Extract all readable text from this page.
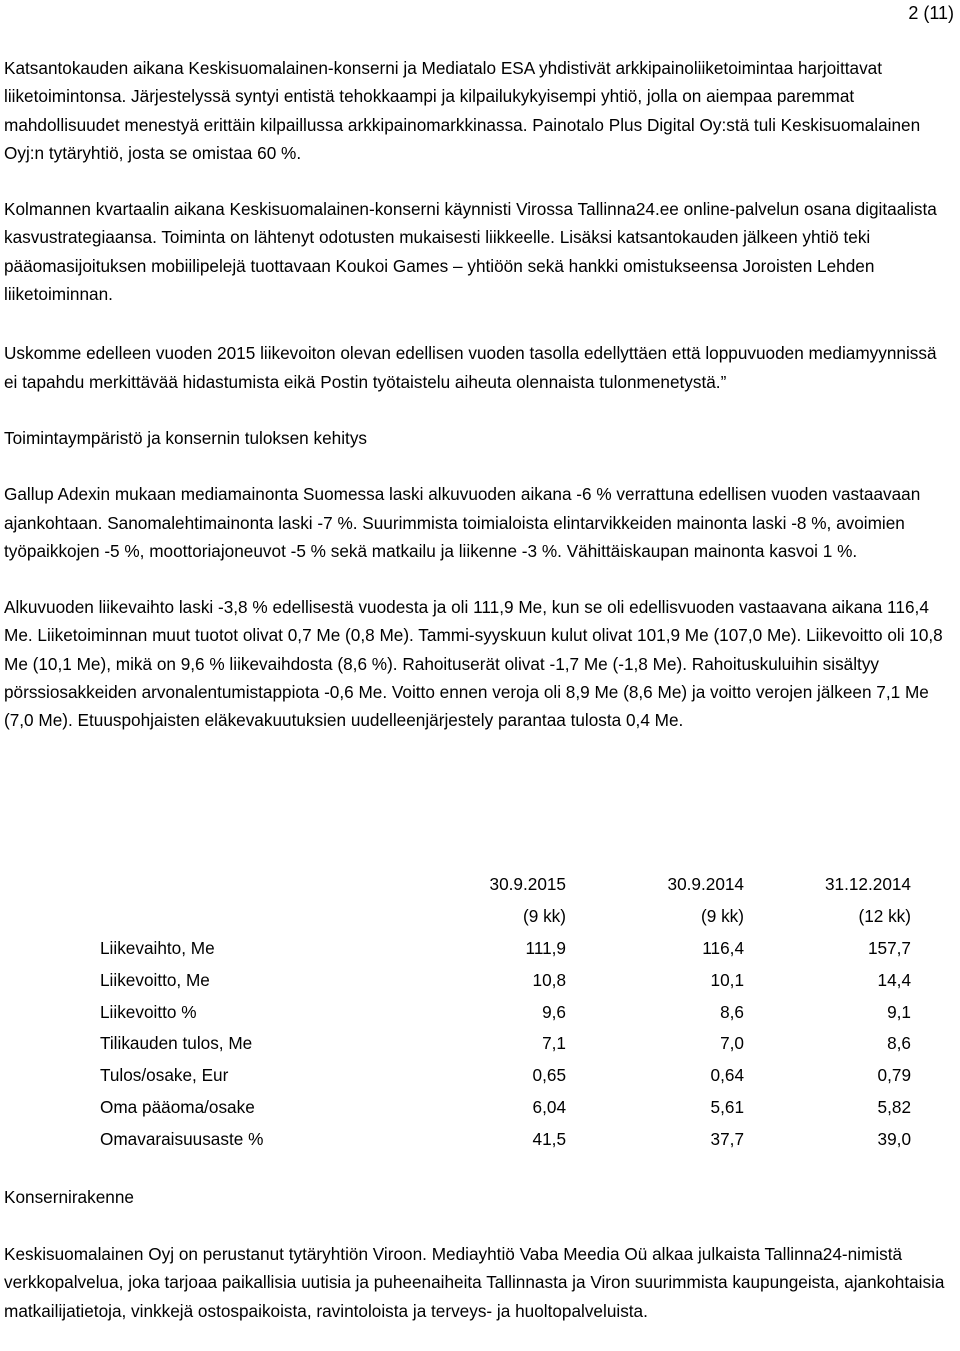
2 (11)

Katsantokauden aikana Keskisuomalainen-konserni ja Mediatalo ESA yhdistivät arkkipainoliiketoimintaa harjoittavat liiketoimintonsa. Järjestelyssä syntyi entistä tehokkaampi ja kilpailukykyisempi yhtiö, jolla on aiempaa paremmat mahdollisuudet menestyä erittäin kilpaillussa arkkipainomarkkinassa. Painotalo Plus Digital Oy:stä tuli Keskisuomalainen Oyj:n tytäryhtiö, josta se omistaa 60 %.

Kolmannen kvartaalin aikana Keskisuomalainen-konserni käynnisti Virossa Tallinna24.ee online-palvelun osana digitaalista kasvustrategiaansa. Toiminta on lähtenyt odotusten mukaisesti liikkeelle. Lisäksi katsantokauden jälkeen yhtiö teki pääomasijoituksen mobiilipelejä tuottavaan Koukoi Games – yhtiöön sekä hankki omistukseensa Joroisten Lehden liiketoiminnan.

Uskomme edelleen vuoden 2015 liikevoiton olevan edellisen vuoden tasolla edellyttäen että loppuvuoden mediamyynnissä ei tapahdu merkittävää hidastumista eikä Postin työtaistelu aiheuta olennaista tulonmenetystä.”

Toimintaympäristö ja konsernin tuloksen kehitys

Gallup Adexin mukaan mediamainonta Suomessa laski alkuvuoden aikana -6 % verrattuna edellisen vuoden vastaavaan ajankohtaan. Sanomalehtimainonta laski -7 %. Suurimmista toimialoista elintarvikkeiden mainonta laski -8 %, avoimien työpaikkojen -5 %, moottoriajoneuvot -5 % sekä matkailu ja liikenne -3 %. Vähittäiskaupan mainonta kasvoi 1 %.

Alkuvuoden liikevaihto laski -3,8 % edellisestä vuodesta ja oli 111,9 Me, kun se oli edellisvuoden vastaavana aikana 116,4 Me. Liiketoiminnan muut tuotot olivat 0,7 Me (0,8 Me). Tammi-syyskuun kulut olivat 101,9 Me (107,0 Me). Liikevoitto oli 10,8 Me (10,1 Me), mikä on 9,6 % liikevaihdosta (8,6 %). Rahoituserät olivat -1,7 Me (-1,8 Me). Rahoituskuluihin sisältyy pörssiosakkeiden arvonalentumistappiota -0,6 Me. Voitto ennen veroja oli 8,9 Me (8,6 Me) ja voitto verojen jälkeen 7,1 Me (7,0 Me). Etuuspohjaisten eläkevakuutuksien uudelleenjärjestely parantaa tulosta 0,4 Me.

	30.9.2015	30.9.2014	31.12.2014
	(9 kk)	(9 kk)	(12 kk)
Liikevaihto, Me	111,9	116,4	157,7
Liikevoitto, Me	10,8	10,1	14,4
Liikevoitto %	9,6	8,6	9,1
Tilikauden tulos, Me	7,1	7,0	8,6
Tulos/osake, Eur	0,65	0,64	0,79
Oma pääoma/osake	6,04	5,61	5,82
Omavaraisuusaste %	41,5	37,7	39,0
Konsernirakenne

Keskisuomalainen Oyj on perustanut tytäryhtiön Viroon. Mediayhtiö Vaba Meedia Oü alkaa julkaista Tallinna24-nimistä verkkopalvelua, joka tarjoaa paikallisia uutisia ja puheenaiheita Tallinnasta ja Viron suurimmista kaupungeista, ajankohtaisia matkailijatietoja, vinkkejä ostospaikoista, ravintoloista ja terveys- ja huoltopalveluista.
